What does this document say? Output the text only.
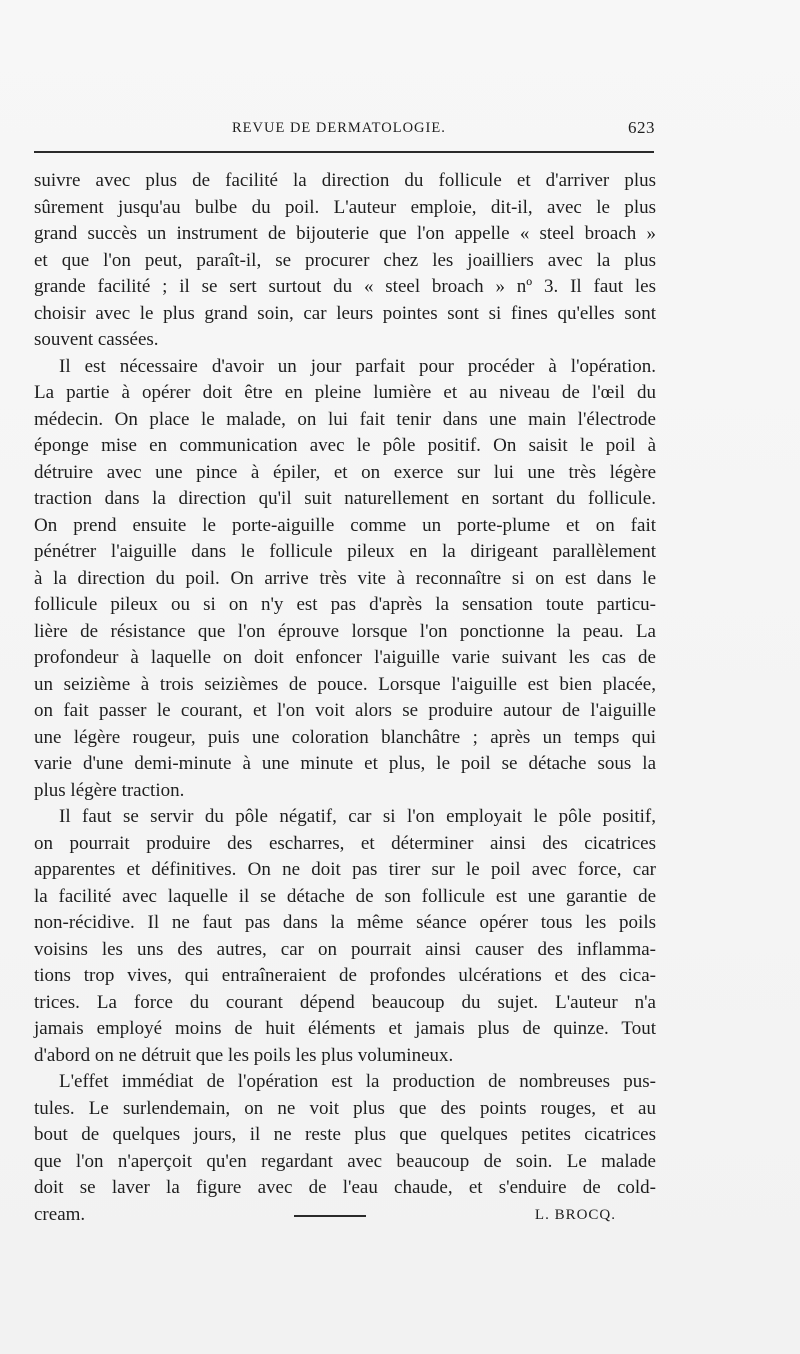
REVUE DE DERMATOLOGIE.	623
suivre avec plus de facilité la direction du follicule et d'arriver plus
sûrement jusqu'au bulbe du poil. L'auteur emploie, dit-il, avec le plus
grand succès un instrument de bijouterie que l'on appelle « steel broach »
et que l'on peut, paraît-il, se procurer chez les joailliers avec la plus
grande facilité ; il se sert surtout du « steel broach » nº 3. Il faut les
choisir avec le plus grand soin, car leurs pointes sont si fines qu'elles sont
souvent cassées.
Il est nécessaire d'avoir un jour parfait pour procéder à l'opération.
La partie à opérer doit être en pleine lumière et au niveau de l'œil du
médecin. On place le malade, on lui fait tenir dans une main l'électrode
éponge mise en communication avec le pôle positif. On saisit le poil à
détruire avec une pince à épiler, et on exerce sur lui une très légère
traction dans la direction qu'il suit naturellement en sortant du follicule.
On prend ensuite le porte-aiguille comme un porte-plume et on fait
pénétrer l'aiguille dans le follicule pileux en la dirigeant parallèlement
à la direction du poil. On arrive très vite à reconnaître si on est dans le
follicule pileux ou si on n'y est pas d'après la sensation toute particu-
lière de résistance que l'on éprouve lorsque l'on ponctionne la peau. La
profondeur à laquelle on doit enfoncer l'aiguille varie suivant les cas de
un seizième à trois seizièmes de pouce. Lorsque l'aiguille est bien placée,
on fait passer le courant, et l'on voit alors se produire autour de l'aiguille
une légère rougeur, puis une coloration blanchâtre ; après un temps qui
varie d'une demi-minute à une minute et plus, le poil se détache sous la
plus légère traction.
Il faut se servir du pôle négatif, car si l'on employait le pôle positif,
on pourrait produire des escharres, et déterminer ainsi des cicatrices
apparentes et définitives. On ne doit pas tirer sur le poil avec force, car
la facilité avec laquelle il se détache de son follicule est une garantie de
non-récidive. Il ne faut pas dans la même séance opérer tous les poils
voisins les uns des autres, car on pourrait ainsi causer des inflamma-
tions trop vives, qui entraîneraient de profondes ulcérations et des cica-
trices. La force du courant dépend beaucoup du sujet. L'auteur n'a
jamais employé moins de huit éléments et jamais plus de quinze. Tout
d'abord on ne détruit que les poils les plus volumineux.
L'effet immédiat de l'opération est la production de nombreuses pus-
tules. Le surlendemain, on ne voit plus que des points rouges, et au
bout de quelques jours, il ne reste plus que quelques petites cicatrices
que l'on n'aperçoit qu'en regardant avec beaucoup de soin. Le malade
doit se laver la figure avec de l'eau chaude, et s'enduire de cold-
cream.	L. BROCQ.
